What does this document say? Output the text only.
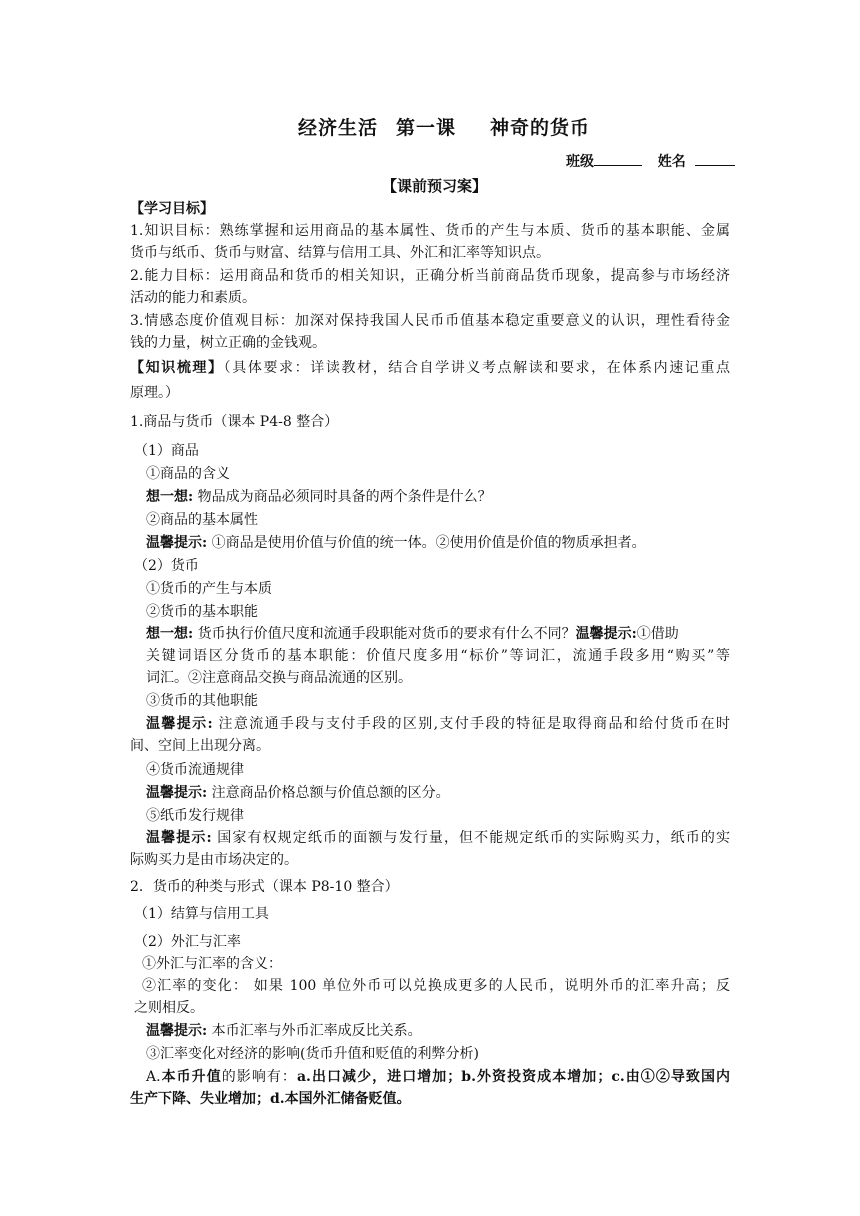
经济生活 第一课 神奇的货币
班级	姓名
【课前预习案】
【学习目标】
1.知识目标：熟练掌握和运用商品的基本属性、货币的产生与本质、货币的基本职能、金属
货币与纸币、货币与财富、结算与信用工具、外汇和汇率等知识点。
2.能力目标：运用商品和货币的相关知识，正确分析当前商品货币现象，提高参与市场经济
活动的能力和素质。
3.情感态度价值观目标：加深对保持我国人民币币值基本稳定重要意义的认识，理性看待金
钱的力量，树立正确的金钱观。
【知识梳理】（具体要求：详读教材，结合自学讲义考点解读和要求，在体系内速记重点
原理。）
1.商品与货币（课本 P4-8 整合）
（1）商品
①商品的含义
想一想: 物品成为商品必须同时具备的两个条件是什么？
②商品的基本属性
温馨提示: ①商品是使用价值与价值的统一体。②使用价值是价值的物质承担者。
（2）货币
①货币的产生与本质
②货币的基本职能
想一想: 货币执行价值尺度和流通手段职能对货币的要求有什么不同？温馨提示:①借助
关键词语区分货币的基本职能：价值尺度多用“标价”等词汇，流通手段多用“购买”等
词汇。②注意商品交换与商品流通的区别。
③货币的其他职能
温馨提示: 注意流通手段与支付手段的区别,支付手段的特征是取得商品和给付货币在时
间、空间上出现分离。
④货币流通规律
温馨提示: 注意商品价格总额与价值总额的区分。
⑤纸币发行规律
温馨提示: 国家有权规定纸币的面额与发行量，但不能规定纸币的实际购买力，纸币的实
际购买力是由市场决定的。
2．货币的种类与形式（课本 P8-10 整合）
（1）结算与信用工具
（2）外汇与汇率
①外汇与汇率的含义：
②汇率的变化： 如果 100 单位外币可以兑换成更多的人民币，说明外币的汇率升高；反
之则相反。
温馨提示: 本币汇率与外币汇率成反比关系。
③汇率变化对经济的影响(货币升值和贬值的利弊分析)
A.本币升值的影响有：a.出口减少，进口增加；b.外资投资成本增加；c.由①②导致国内
生产下降、失业增加；d.本国外汇储备贬值。
